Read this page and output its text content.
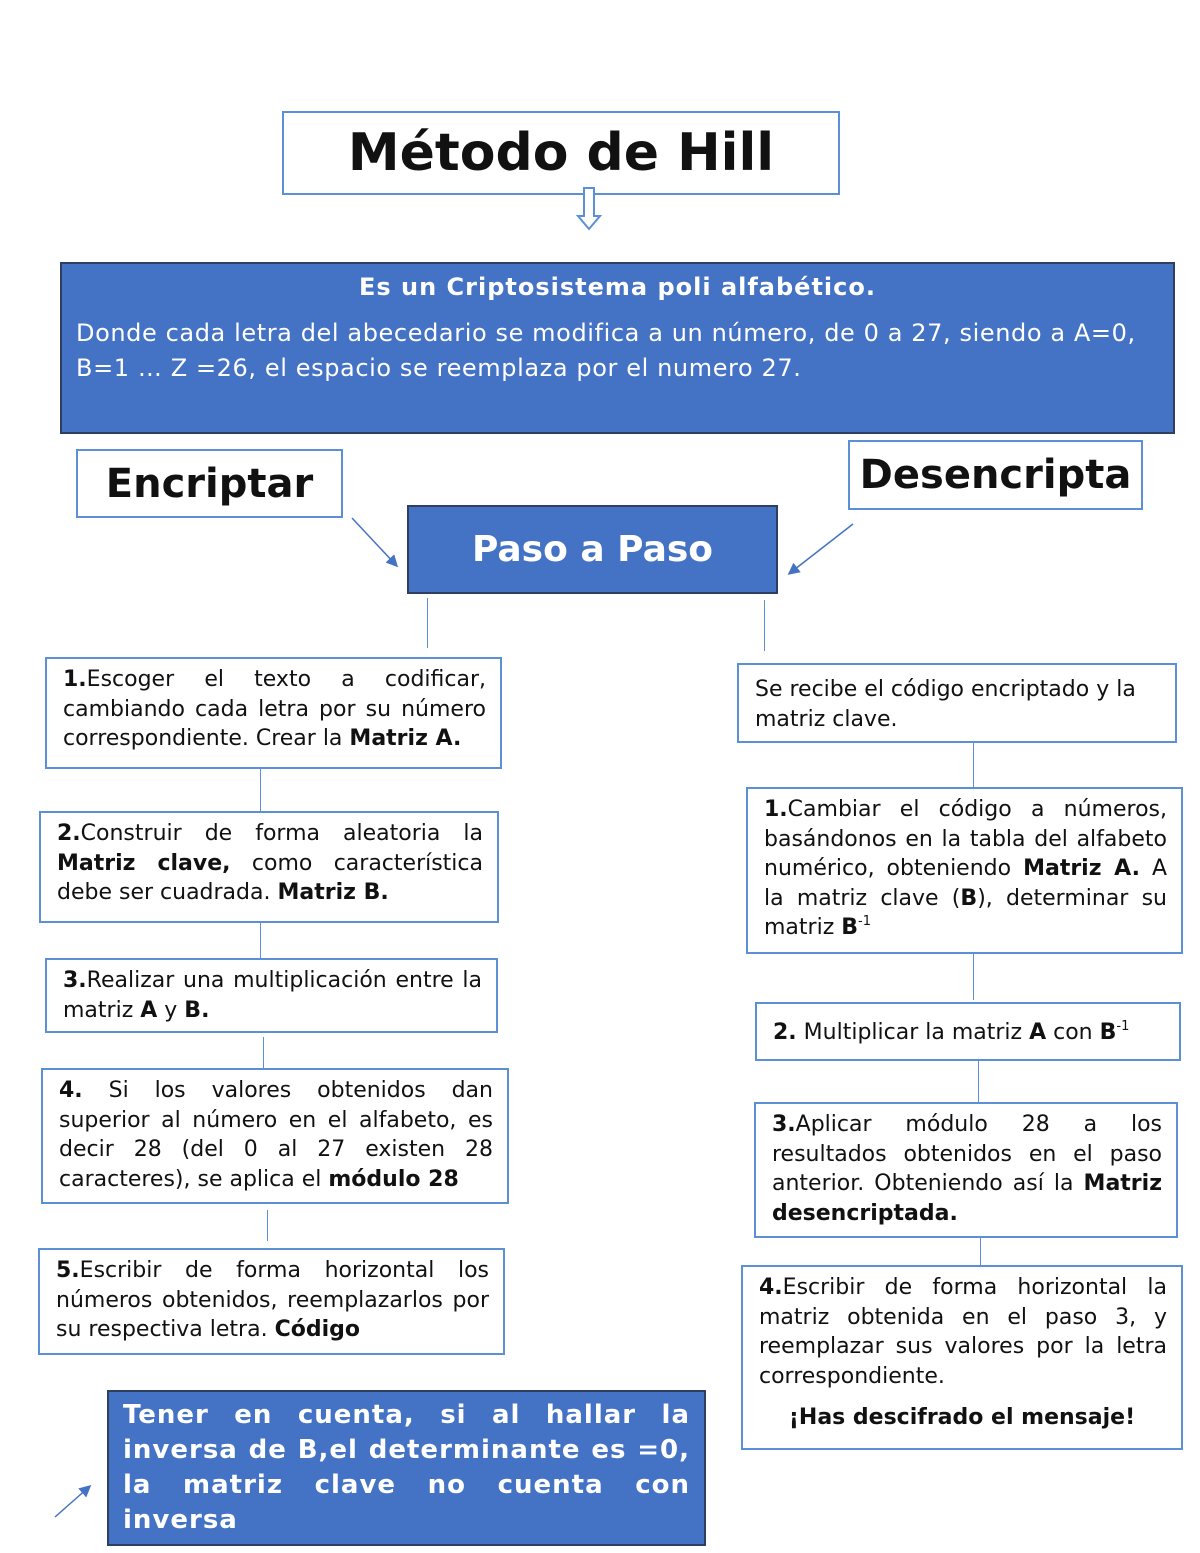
Método de Hill
Es un Criptosistema poli alfabético.
Donde cada letra del abecedario se modifica a un número, de 0 a 27, siendo a A=0, B=1 … Z =26, el espacio se reemplaza por el numero 27.
Encriptar	Desencripta
Paso a Paso
1.Escoger el texto a codificar, cambiando cada letra por su número correspondiente. Crear la Matriz A.
2.Construir de forma aleatoria la Matriz clave, como característica debe ser cuadrada. Matriz B.
3.Realizar una multiplicación entre la matriz A y B.
4. Si los valores obtenidos dan superior al número en el alfabeto, es decir 28 (del 0 al 27 existen 28 caracteres), se aplica el módulo 28
5.Escribir de forma horizontal los números obtenidos, reemplazarlos por su respectiva letra. Código
Tener en cuenta, si al hallar la inversa de B,el determinante es =0, la matriz clave no cuenta con inversa
Se recibe el código encriptado y la matriz clave.
1.Cambiar el código a números, basándonos en la tabla del alfabeto numérico, obteniendo Matriz A. A la matriz clave (B), determinar su matriz $B^{-1}$
2. Multiplicar la matriz A con $B^{-1}$
3.Aplicar módulo 28 a los resultados obtenidos en el paso anterior. Obteniendo así la Matriz desencriptada.
4.Escribir de forma horizontal la matriz obtenida en el paso 3, y reemplazar sus valores por la letra correspondiente.
¡Has descifrado el mensaje!
